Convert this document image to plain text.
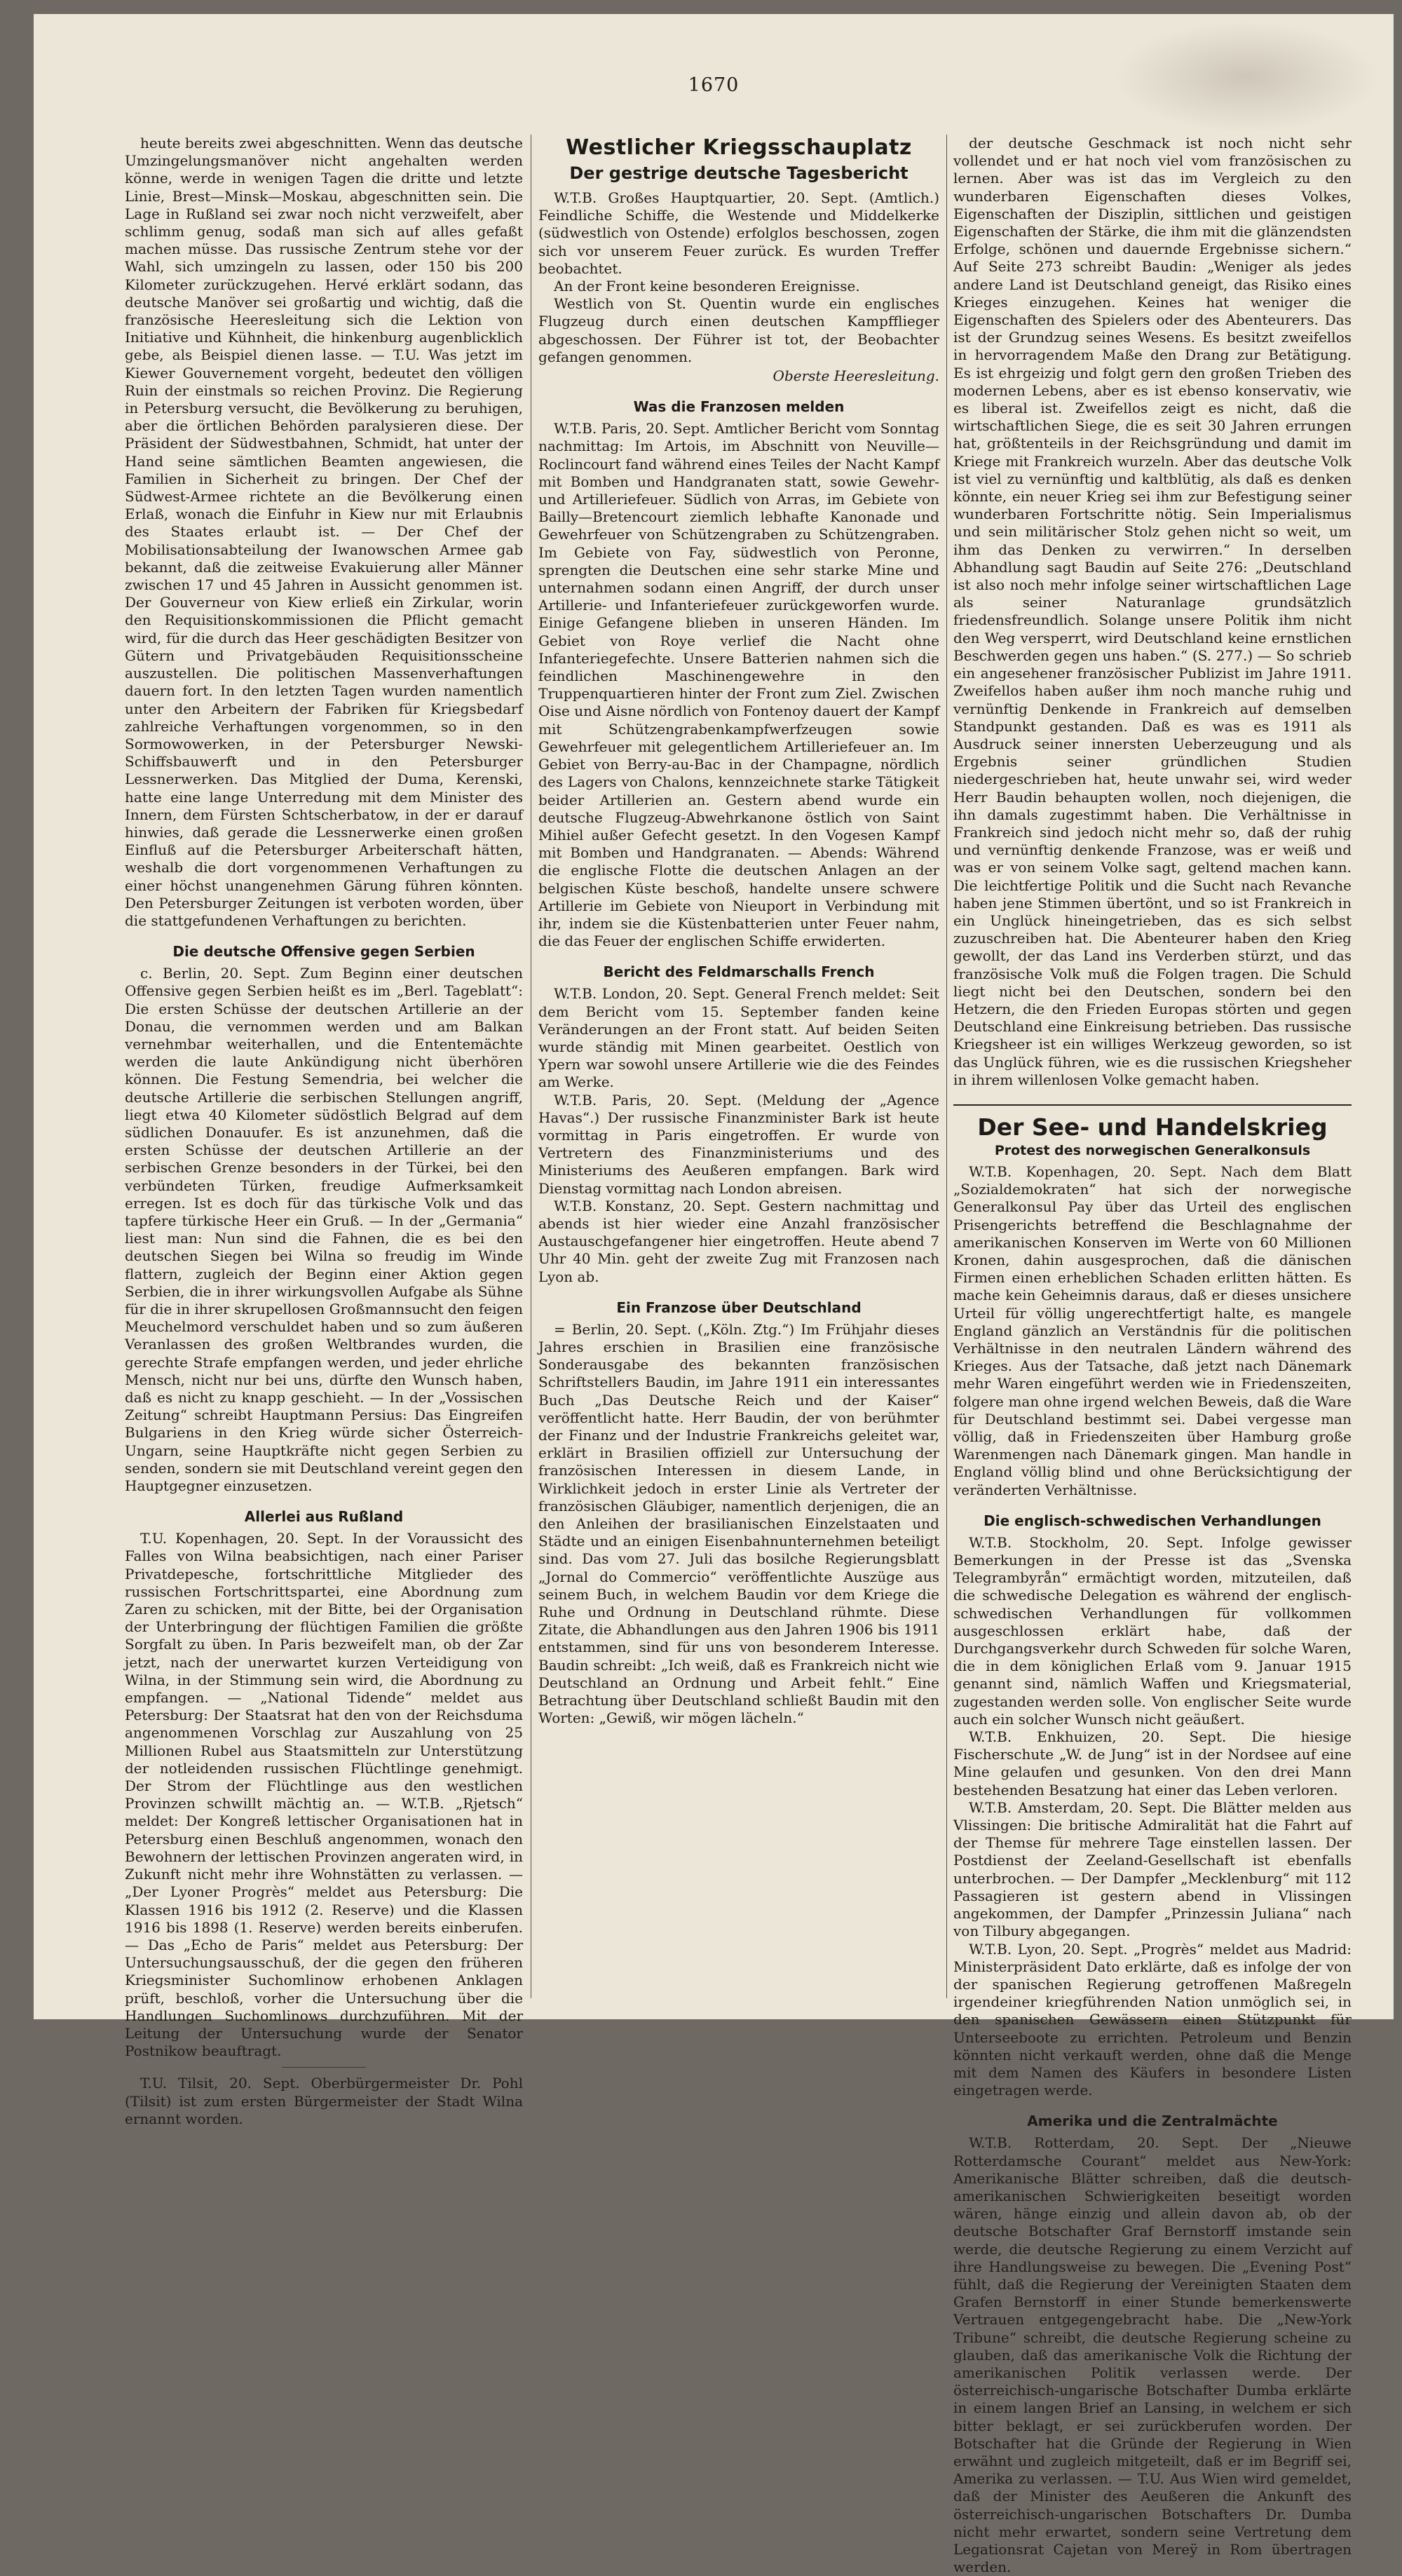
1670

heute bereits zwei abgeschnitten. Wenn das deutsche Umzingelungsmanöver nicht angehalten werden könne, werde in wenigen Tagen die dritte und letzte Linie, Brest—Minsk—Moskau, abgeschnitten sein. Die Lage in Rußland sei zwar noch nicht verzweifelt, aber schlimm genug, sodaß man sich auf alles gefaßt machen müsse. Das russische Zentrum stehe vor der Wahl, sich umzingeln zu lassen, oder 150 bis 200 Kilometer zurückzugehen. Hervé erklärt sodann, das deutsche Manöver sei großartig und wichtig, daß die französische Heeresleitung sich die Lektion von Initiative und Kühnheit, die hinkenburg augenblicklich gebe, als Beispiel dienen lasse. — T.U. Was jetzt im Kiewer Gouvernement vorgeht, bedeutet den völligen Ruin der einstmals so reichen Provinz. Die Regierung in Petersburg versucht, die Bevölkerung zu beruhigen, aber die örtlichen Behörden paralysieren diese. Der Präsident der Südwestbahnen, Schmidt, hat unter der Hand seine sämtlichen Beamten angewiesen, die Familien in Sicherheit zu bringen. Der Chef der Südwest-Armee richtete an die Bevölkerung einen Erlaß, wonach die Einfuhr in Kiew nur mit Erlaubnis des Staates erlaubt ist. — Der Chef der Mobilisationsabteilung der Iwanowschen Armee gab bekannt, daß die zeitweise Evakuierung aller Männer zwischen 17 und 45 Jahren in Aussicht genommen ist. Der Gouverneur von Kiew erließ ein Zirkular, worin den Requisitionskommissionen die Pflicht gemacht wird, für die durch das Heer geschädigten Besitzer von Gütern und Privatgebäuden Requisitionsscheine auszustellen. Die politischen Massenverhaftungen dauern fort. In den letzten Tagen wurden namentlich unter den Arbeitern der Fabriken für Kriegsbedarf zahlreiche Verhaftungen vorgenommen, so in den Sormowowerken, in der Petersburger Newski-Schiffsbauwerft und in den Petersburger Lessnerwerken. Das Mitglied der Duma, Kerenski, hatte eine lange Unterredung mit dem Minister des Innern, dem Fürsten Schtscherbatow, in der er darauf hinwies, daß gerade die Lessnerwerke einen großen Einfluß auf die Petersburger Arbeiterschaft hätten, weshalb die dort vorgenommenen Verhaftungen zu einer höchst unangenehmen Gärung führen könnten. Den Petersburger Zeitungen ist verboten worden, über die stattgefundenen Verhaftungen zu berichten.

Die deutsche Offensive gegen Serbien

c. Berlin, 20. Sept. Zum Beginn einer deutschen Offensive gegen Serbien heißt es im „Berl. Tageblatt“: Die ersten Schüsse der deutschen Artillerie an der Donau, die vernommen werden und am Balkan vernehmbar weiterhallen, und die Ententemächte werden die laute Ankündigung nicht überhören können. Die Festung Semendria, bei welcher die deutsche Artillerie die serbischen Stellungen angriff, liegt etwa 40 Kilometer südöstlich Belgrad auf dem südlichen Donauufer. Es ist anzunehmen, daß die ersten Schüsse der deutschen Artillerie an der serbischen Grenze besonders in der Türkei, bei den verbündeten Türken, freudige Aufmerksamkeit erregen. Ist es doch für das türkische Volk und das tapfere türkische Heer ein Gruß. — In der „Germania“ liest man: Nun sind die Fahnen, die es bei den deutschen Siegen bei Wilna so freudig im Winde flattern, zugleich der Beginn einer Aktion gegen Serbien, die in ihrer wirkungsvollen Aufgabe als Sühne für die in ihrer skrupellosen Großmannsucht den feigen Meuchelmord verschuldet haben und so zum äußeren Veranlassen des großen Weltbrandes wurden, die gerechte Strafe empfangen werden, und jeder ehrliche Mensch, nicht nur bei uns, dürfte den Wunsch haben, daß es nicht zu knapp geschieht. — In der „Vossischen Zeitung“ schreibt Hauptmann Persius: Das Eingreifen Bulgariens in den Krieg würde sicher Österreich-Ungarn, seine Hauptkräfte nicht gegen Serbien zu senden, sondern sie mit Deutschland vereint gegen den Hauptgegner einzusetzen.

Allerlei aus Rußland

T.U. Kopenhagen, 20. Sept. In der Voraussicht des Falles von Wilna beabsichtigen, nach einer Pariser Privatdepesche, fortschrittliche Mitglieder des russischen Fortschrittspartei, eine Abordnung zum Zaren zu schicken, mit der Bitte, bei der Organisation der Unterbringung der flüchtigen Familien die größte Sorgfalt zu üben. In Paris bezweifelt man, ob der Zar jetzt, nach der unerwartet kurzen Verteidigung von Wilna, in der Stimmung sein wird, die Abordnung zu empfangen. — „National Tidende“ meldet aus Petersburg: Der Staatsrat hat den von der Reichsduma angenommenen Vorschlag zur Auszahlung von 25 Millionen Rubel aus Staatsmitteln zur Unterstützung der notleidenden russischen Flüchtlinge genehmigt. Der Strom der Flüchtlinge aus den westlichen Provinzen schwillt mächtig an. — W.T.B. „Rjetsch“ meldet: Der Kongreß lettischer Organisationen hat in Petersburg einen Beschluß angenommen, wonach den Bewohnern der lettischen Provinzen angeraten wird, in Zukunft nicht mehr ihre Wohnstätten zu verlassen. — „Der Lyoner Progrès“ meldet aus Petersburg: Die Klassen 1916 bis 1912 (2. Reserve) und die Klassen 1916 bis 1898 (1. Reserve) werden bereits einberufen. — Das „Echo de Paris“ meldet aus Petersburg: Der Untersuchungsausschuß, der die gegen den früheren Kriegsminister Suchomlinow erhobenen Anklagen prüft, beschloß, vorher die Untersuchung über die Handlungen Suchomlinows durchzuführen. Mit der Leitung der Untersuchung wurde der Senator Postnikow beauftragt.

T.U. Tilsit, 20. Sept. Oberbürgermeister Dr. Pohl (Tilsit) ist zum ersten Bürgermeister der Stadt Wilna ernannt worden.

Westlicher Kriegsschauplatz
Der gestrige deutsche Tagesbericht

W.T.B. Großes Hauptquartier, 20. Sept. (Amtlich.) Feindliche Schiffe, die Westende und Middelkerke (südwestlich von Ostende) erfolglos beschossen, zogen sich vor unserem Feuer zurück. Es wurden Treffer beobachtet.

An der Front keine besonderen Ereignisse.

Westlich von St. Quentin wurde ein englisches Flugzeug durch einen deutschen Kampfflieger abgeschossen. Der Führer ist tot, der Beobachter gefangen genommen.

Oberste Heeresleitung.
Was die Franzosen melden

W.T.B. Paris, 20. Sept. Amtlicher Bericht vom Sonntag nachmittag: Im Artois, im Abschnitt von Neuville—Roclincourt fand während eines Teiles der Nacht Kampf mit Bomben und Handgranaten statt, sowie Gewehr- und Artilleriefeuer. Südlich von Arras, im Gebiete von Bailly—Bretencourt ziemlich lebhafte Kanonade und Gewehrfeuer von Schützengraben zu Schützengraben. Im Gebiete von Fay, südwestlich von Peronne, sprengten die Deutschen eine sehr starke Mine und unternahmen sodann einen Angriff, der durch unser Artillerie- und Infanteriefeuer zurückgeworfen wurde. Einige Gefangene blieben in unseren Händen. Im Gebiet von Roye verlief die Nacht ohne Infanteriegefechte. Unsere Batterien nahmen sich die feindlichen Maschinengewehre in den Truppenquartieren hinter der Front zum Ziel. Zwischen Oise und Aisne nördlich von Fontenoy dauert der Kampf mit Schützengrabenkampfwerfzeugen sowie Gewehrfeuer mit gelegentlichem Artilleriefeuer an. Im Gebiet von Berry-au-Bac in der Champagne, nördlich des Lagers von Chalons, kennzeichnete starke Tätigkeit beider Artillerien an. Gestern abend wurde ein deutsche Flugzeug-Abwehrkanone östlich von Saint Mihiel außer Gefecht gesetzt. In den Vogesen Kampf mit Bomben und Handgranaten. — Abends: Während die englische Flotte die deutschen Anlagen an der belgischen Küste beschoß, handelte unsere schwere Artillerie im Gebiete von Nieuport in Verbindung mit ihr, indem sie die Küstenbatterien unter Feuer nahm, die das Feuer der englischen Schiffe erwiderten.

Bericht des Feldmarschalls French

W.T.B. London, 20. Sept. General French meldet: Seit dem Bericht vom 15. September fanden keine Veränderungen an der Front statt. Auf beiden Seiten wurde ständig mit Minen gearbeitet. Oestlich von Ypern war sowohl unsere Artillerie wie die des Feindes am Werke.

W.T.B. Paris, 20. Sept. (Meldung der „Agence Havas“.) Der russische Finanzminister Bark ist heute vormittag in Paris eingetroffen. Er wurde von Vertretern des Finanzministeriums und des Ministeriums des Aeußeren empfangen. Bark wird Dienstag vormittag nach London abreisen.

W.T.B. Konstanz, 20. Sept. Gestern nachmittag und abends ist hier wieder eine Anzahl französischer Austauschgefangener hier eingetroffen. Heute abend 7 Uhr 40 Min. geht der zweite Zug mit Franzosen nach Lyon ab.

Ein Franzose über Deutschland

= Berlin, 20. Sept. („Köln. Ztg.“) Im Frühjahr dieses Jahres erschien in Brasilien eine französische Sonderausgabe des bekannten französischen Schriftstellers Baudin, im Jahre 1911 ein interessantes Buch „Das Deutsche Reich und der Kaiser“ veröffentlicht hatte. Herr Baudin, der von berühmter der Finanz und der Industrie Frankreichs geleitet war, erklärt in Brasilien offiziell zur Untersuchung der französischen Interessen in diesem Lande, in Wirklichkeit jedoch in erster Linie als Vertreter der französischen Gläubiger, namentlich derjenigen, die an den Anleihen der brasilianischen Einzelstaaten und Städte und an einigen Eisenbahnunternehmen beteiligt sind. Das vom 27. Juli das bosilche Regierungsblatt „Jornal do Commercio“ veröffentlichte Auszüge aus seinem Buch, in welchem Baudin vor dem Kriege die Ruhe und Ordnung in Deutschland rühmte. Diese Zitate, die Abhandlungen aus den Jahren 1906 bis 1911 entstammen, sind für uns von besonderem Interesse. Baudin schreibt: „Ich weiß, daß es Frankreich nicht wie Deutschland an Ordnung und Arbeit fehlt.“ Eine Betrachtung über Deutschland schließt Baudin mit den Worten: „Gewiß, wir mögen lächeln.“

der deutsche Geschmack ist noch nicht sehr vollendet und er hat noch viel vom französischen zu lernen. Aber was ist das im Vergleich zu den wunderbaren Eigenschaften dieses Volkes, Eigenschaften der Disziplin, sittlichen und geistigen Eigenschaften der Stärke, die ihm mit die glänzendsten Erfolge, schönen und dauernde Ergebnisse sichern.“ Auf Seite 273 schreibt Baudin: „Weniger als jedes andere Land ist Deutschland geneigt, das Risiko eines Krieges einzugehen. Keines hat weniger die Eigenschaften des Spielers oder des Abenteurers. Das ist der Grundzug seines Wesens. Es besitzt zweifellos in hervorragendem Maße den Drang zur Betätigung. Es ist ehrgeizig und folgt gern den großen Trieben des modernen Lebens, aber es ist ebenso konservativ, wie es liberal ist. Zweifellos zeigt es nicht, daß die wirtschaftlichen Siege, die es seit 30 Jahren errungen hat, größtenteils in der Reichsgründung und damit im Kriege mit Frankreich wurzeln. Aber das deutsche Volk ist viel zu vernünftig und kaltblütig, als daß es denken könnte, ein neuer Krieg sei ihm zur Befestigung seiner wunderbaren Fortschritte nötig. Sein Imperialismus und sein militärischer Stolz gehen nicht so weit, um ihm das Denken zu verwirren.“ In derselben Abhandlung sagt Baudin auf Seite 276: „Deutschland ist also noch mehr infolge seiner wirtschaftlichen Lage als seiner Naturanlage grundsätzlich friedensfreundlich. Solange unsere Politik ihm nicht den Weg versperrt, wird Deutschland keine ernstlichen Beschwerden gegen uns haben.“ (S. 277.) — So schrieb ein angesehener französischer Publizist im Jahre 1911. Zweifellos haben außer ihm noch manche ruhig und vernünftig Denkende in Frankreich auf demselben Standpunkt gestanden. Daß es was es 1911 als Ausdruck seiner innersten Ueberzeugung und als Ergebnis seiner gründlichen Studien niedergeschrieben hat, heute unwahr sei, wird weder Herr Baudin behaupten wollen, noch diejenigen, die ihn damals zugestimmt haben. Die Verhältnisse in Frankreich sind jedoch nicht mehr so, daß der ruhig und vernünftig denkende Franzose, was er weiß und was er von seinem Volke sagt, geltend machen kann. Die leichtfertige Politik und die Sucht nach Revanche haben jene Stimmen übertönt, und so ist Frankreich in ein Unglück hineingetrieben, das es sich selbst zuzuschreiben hat. Die Abenteurer haben den Krieg gewollt, der das Land ins Verderben stürzt, und das französische Volk muß die Folgen tragen. Die Schuld liegt nicht bei den Deutschen, sondern bei den Hetzern, die den Frieden Europas störten und gegen Deutschland eine Einkreisung betrieben. Das russische Kriegsheer ist ein williges Werkzeug geworden, so ist das Unglück führen, wie es die russischen Kriegsheher in ihrem willenlosen Volke gemacht haben.

Der See- und Handelskrieg
Protest des norwegischen Generalkonsuls

W.T.B. Kopenhagen, 20. Sept. Nach dem Blatt „Sozialdemokraten“ hat sich der norwegische Generalkonsul Pay über das Urteil des englischen Prisengerichts betreffend die Beschlagnahme der amerikanischen Konserven im Werte von 60 Millionen Kronen, dahin ausgesprochen, daß die dänischen Firmen einen erheblichen Schaden erlitten hätten. Es mache kein Geheimnis daraus, daß er dieses unsichere Urteil für völlig ungerechtfertigt halte, es mangele England gänzlich an Verständnis für die politischen Verhältnisse in den neutralen Ländern während des Krieges. Aus der Tatsache, daß jetzt nach Dänemark mehr Waren eingeführt werden wie in Friedenszeiten, folgere man ohne irgend welchen Beweis, daß die Ware für Deutschland bestimmt sei. Dabei vergesse man völlig, daß in Friedenszeiten über Hamburg große Warenmengen nach Dänemark gingen. Man handle in England völlig blind und ohne Berücksichtigung der veränderten Verhältnisse.

Die englisch-schwedischen Verhandlungen

W.T.B. Stockholm, 20. Sept. Infolge gewisser Bemerkungen in der Presse ist das „Svenska Telegrambyrån“ ermächtigt worden, mitzuteilen, daß die schwedische Delegation es während der englisch-schwedischen Verhandlungen für vollkommen ausgeschlossen erklärt habe, daß der Durchgangsverkehr durch Schweden für solche Waren, die in dem königlichen Erlaß vom 9. Januar 1915 genannt sind, nämlich Waffen und Kriegsmaterial, zugestanden werden solle. Von englischer Seite wurde auch ein solcher Wunsch nicht geäußert.

W.T.B. Enkhuizen, 20. Sept. Die hiesige Fischerschute „W. de Jung“ ist in der Nordsee auf eine Mine gelaufen und gesunken. Von den drei Mann bestehenden Besatzung hat einer das Leben verloren.

W.T.B. Amsterdam, 20. Sept. Die Blätter melden aus Vlissingen: Die britische Admiralität hat die Fahrt auf der Themse für mehrere Tage einstellen lassen. Der Postdienst der Zeeland-Gesellschaft ist ebenfalls unterbrochen. — Der Dampfer „Mecklenburg“ mit 112 Passagieren ist gestern abend in Vlissingen angekommen, der Dampfer „Prinzessin Juliana“ nach von Tilbury abgegangen.

W.T.B. Lyon, 20. Sept. „Progrès“ meldet aus Madrid: Ministerpräsident Dato erklärte, daß es infolge der von der spanischen Regierung getroffenen Maßregeln irgendeiner kriegführenden Nation unmöglich sei, in den spanischen Gewässern einen Stützpunkt für Unterseeboote zu errichten. Petroleum und Benzin könnten nicht verkauft werden, ohne daß die Menge mit dem Namen des Käufers in besondere Listen eingetragen werde.

Amerika und die Zentralmächte

W.T.B. Rotterdam, 20. Sept. Der „Nieuwe Rotterdamsche Courant“ meldet aus New-York: Amerikanische Blätter schreiben, daß die deutsch-amerikanischen Schwierigkeiten beseitigt worden wären, hänge einzig und allein davon ab, ob der deutsche Botschafter Graf Bernstorff imstande sein werde, die deutsche Regierung zu einem Verzicht auf ihre Handlungsweise zu bewegen. Die „Evening Post“ fühlt, daß die Regierung der Vereinigten Staaten dem Grafen Bernstorff in einer Stunde bemerkenswerte Vertrauen entgegengebracht habe. Die „New-York Tribune“ schreibt, die deutsche Regierung scheine zu glauben, daß das amerikanische Volk die Richtung der amerikanischen Politik verlassen werde. Der österreichisch-ungarische Botschafter Dumba erklärte in einem langen Brief an Lansing, in welchem er sich bitter beklagt, er sei zurückberufen worden. Der Botschafter hat die Gründe der Regierung in Wien erwähnt und zugleich mitgeteilt, daß er im Begriff sei, Amerika zu verlassen. — T.U. Aus Wien wird gemeldet, daß der Minister des Aeußeren die Ankunft des österreichisch-ungarischen Botschafters Dr. Dumba nicht mehr erwartet, sondern seine Vertretung dem Legationsrat Cajetan von Mereÿ in Rom übertragen werden.
